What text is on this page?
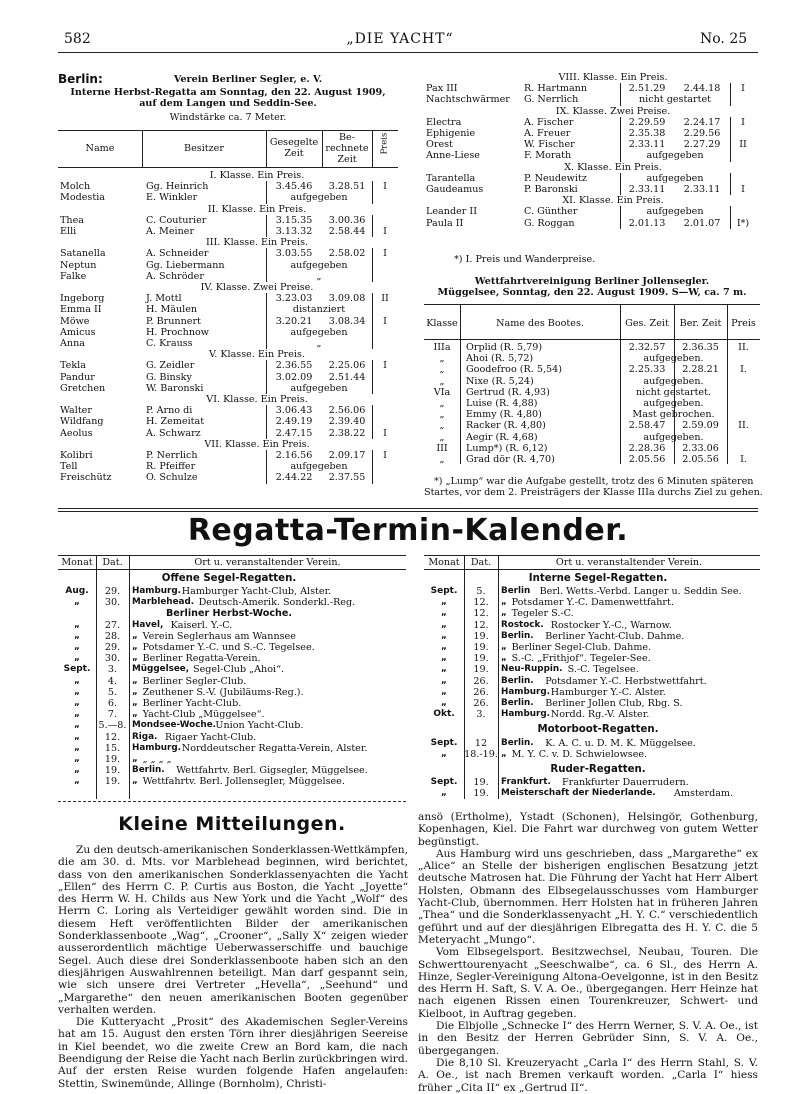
582	„DIE YACHT“	No. 25
Berlin:	Verein Berliner Segler, e. V.
Interne Herbst-Regatta am Sonntag, den 22. August 1909,
auf dem Langen und Seddin-See.
Windstärke ca. 7 Meter.
Name	Besitzer
Gesegelte Zeit
Be-rechnete Zeit
Preis
I. Klasse. Ein Preis.
Molch	Gg. Heinrich	3.45.46	3.28.51	I
Modestia	E. Winkler	aufgegeben
II. Klasse. Ein Preis.
Thea	C. Couturier	3.15.35	3.00.36
Elli	A. Meiner	3.13.32	2.58.44	I
III. Klasse. Ein Preis.
Satanella	A. Schneider	3.03.55	2.58.02	I
Neptun	Gg. Liebermann	aufgegeben
Falke	A. Schröder	„
IV. Klasse. Zwei Preise.
Ingeborg	J. Mottl	3.23.03	3.09.08	II
Emma II	H. Mäulen	distanziert
Möwe	P. Brunnert	3.20.21	3.08.34	I
Amicus	H. Prochnow	aufgegeben
Anna	C. Krauss	„
V. Klasse. Ein Preis.
Tekla	G. Zeidler	2.36.55	2.25.06	I
Pandur	G. Binsky	3.02.09	2.51.44
Gretchen	W. Baronski	aufgegeben
VI. Klasse. Ein Preis.
Walter	P. Arno di	3.06.43	2.56.06
Wildfang	H. Zemeitat	2.49.19	2.39.40
Aeolus	A. Schwarz	2.47.15	2.38.22	I
VII. Klasse. Ein Preis.
Kolibri	P. Nerrlich	2.16.56	2.09.17	I
Tell	R. Pfeiffer	aufgegeben
Freischütz	O. Schulze	2.44.22	2.37.55
VIII. Klasse. Ein Preis.
Pax III	R. Hartmann	2.51.29	2.44.18	I
Nachtschwärmer G. Nerrlich	nicht gestartet
IX. Klasse. Zwei Preise.
Electra	A. Fischer	2.29.59	2.24.17	I
Ephigenie	A. Freuer	2.35.38	2.29.56
Orest	W. Fischer	2.33.11	2.27.29	II
Anne-Liese	F. Morath	aufgegeben
X. Klasse. Ein Preis.
Tarantella	P. Neudewitz	aufgegeben
Gaudeamus	P. Baronski	2.33.11	2.33.11	I
XI. Klasse. Ein Preis.
Leander II	C. Günther	aufgegeben
Paula II	G. Roggan	2.01.13	2.01.07	I*)
*) I. Preis und Wanderpreise.
Wettfahrtvereinigung Berliner Jollensegler.
Müggelsee, Sonntag, den 22. August 1909. S—W, ca. 7 m.
Klasse	Name des Bootes.	Ges. Zeit	Ber. Zeit	Preis
IIIa	Orplid (R. 5,79)	2.32.57	2.36.35	II.
„	Ahoi (R. 5,72)	aufgegeben.
„	Goodefroo (R. 5,54)	2.25.33	2.28.21	I.
„	Nixe (R. 5,24)	aufgegeben.
VIa	Gertrud (R. 4,93)	nicht gestartet.
„	Luise (R. 4,88)	aufgegeben.
„	Emmy (R. 4,80)	Mast gebrochen.
„	Racker (R. 4,80)	2.58.47	2.59.09	II.
„	Aegir (R. 4,68)	aufgegeben.
III	Lump*) (R. 6,12)	2.28.36	2.33.06
„	Grad dör (R. 4,70)	2.05.56	2.05.56	I.
*) „Lump“ war die Aufgabe gestellt, trotz des 6 Minuten späteren
Startes, vor dem 2. Preisträgers der Klasse IIIa durchs Ziel zu gehen.
Regatta-Termin-Kalender.
Monat	Dat.	Ort u. veranstaltender Verein.
Offene Segel-Regatten.
Aug.	29.	Hamburg. Hamburger Yacht-Club, Alster.
„	30.	Marblehead. Deutsch-Amerik. Sonderkl.-Reg.
Berliner Herbst-Woche.
„	27.	Havel, Kaiserl. Y.-C.
„	28.	„ Verein Seglerhaus am Wannsee
„	29.	„ Potsdamer Y.-C. und S.-C. Tegelsee.
„	30.	„ Berliner Regatta-Verein.
Sept.	3.	Müggelsee, Segel-Club „Ahoi“.
„	4.	„ Berliner Segler-Club.
„	5.	„ Zeuthener S.-V. (Jubiläums-Reg.).
„	6.	„ Berliner Yacht-Club.
„	7.	„ Yacht-Club „Müggelsee“.
„	5.—8. Mondsee-Woche. Union Yacht-Club.
„	12.	Riga. Rigaer Yacht-Club.
„	15.	Hamburg. Norddeutscher Regatta-Verein, Alster.
„	19.	„ „ „ „ „
„	19.	Berlin. Wettfahrtv. Berl. Gigsegler, Müggelsee.
„	19.	„ Wettfahrtv. Berl. Jollensegler, Müggelsee.
Monat	Dat.	Ort u. veranstaltender Verein.
Interne Segel-Regatten.
Sept.	5.	Berlin Berl. Wetts.-Verbd. Langer u. Seddin See.
„	12.	„ Potsdamer Y.-C. Damenwettfahrt.
„	12.	„ Tegeler S.-C.
„	12.	Rostock. Rostocker Y.-C., Warnow.
„	19.	Berlin. Berliner Yacht-Club. Dahme.
„	19.	„ Berliner Segel-Club. Dahme.
„	19.	„ S.-C. „Frithjof“. Tegeler-See.
„	19.	Neu-Ruppin. S.-C. Tegelsee.
„	26.	Berlin. Potsdamer Y.-C. Herbstwettfahrt.
„	26.	Hamburg. Hamburger Y.-C. Alster.
„	26.	Berlin. Berliner Jollen Club, Rbg. S.
Okt.	3.	Hamburg. Nordd. Rg.-V. Alster.
Motorboot-Regatten.
Sept.	12	Berlin. K. A. C. u. D. M. K. Müggelsee.
„	18.-19. „ M. Y. C. v. D. Schwielowsee.
Ruder-Regatten.
Sept.	19.	Frankfurt. Frankfurter Dauerrudern.
„	19.	Meisterschaft der Niederlande. Amsterdam.
Kleine Mitteilungen.

Zu den deutsch-amerikanischen Sonderklassen-Wettkämpfen, die am 30. d. Mts. vor Marblehead beginnen, wird berichtet, dass von den amerikanischen Sonderklassenyachten die Yacht „Ellen“ des Herrn C. P. Curtis aus Boston, die Yacht „Joyette“ des Herrn W. H. Childs aus New York und die Yacht „Wolf“ des Herrn C. Loring als Verteidiger gewählt worden sind. Die in diesem Heft veröffentlichten Bilder der amerikanischen Sonderklassenboote „Wag“, „Crooner“, „Sally X“ zeigen wieder ausserordentlich mächtige Ueberwasserschiffe und bauchige Segel. Auch diese drei Sonderklassenboote haben sich an den diesjährigen Auswahlrennen beteiligt. Man darf gespannt sein, wie sich unsere drei Vertreter „Hevella“, „Seehund“ und „Margarethe“ den neuen amerikanischen Booten gegenüber verhalten werden.

Die Kutteryacht „Prosit“ des Akademischen Segler-Vereins hat am 15. August den ersten Törn ihrer diesjährigen Seereise in Kiel beendet, wo die zweite Crew an Bord kam, die nach Beendigung der Reise die Yacht nach Berlin zurückbringen wird. Auf der ersten Reise wurden folgende Hafen angelaufen: Stettin, Swinemünde, Allinge (Bornholm), Christi-

ansö (Ertholme), Ystadt (Schonen), Helsingör, Gothenburg, Kopenhagen, Kiel. Die Fahrt war durchweg von gutem Wetter begünstigt.

Aus Hamburg wird uns geschrieben, dass „Margarethe“ ex „Alice“ an Stelle der bisherigen englischen Besatzung jetzt deutsche Matrosen hat. Die Führung der Yacht hat Herr Albert Holsten, Obmann des Elbsegelausschusses vom Hamburger Yacht-Club, übernommen. Herr Holsten hat in früheren Jahren „Thea“ und die Sonderklassenyacht „H. Y. C.“ verschiedentlich geführt und auf der diesjährigen Elbregatta des H. Y. C. die 5 Meteryacht „Mungo“.

Vom Elbsegelsport. Besitzwechsel, Neubau, Touren. Die Schwerttourenyacht „Seeschwalbe“, ca. 6 Sl., des Herrn A. Hinze, Segler-Vereinigung Altona-Oevelgonne, ist in den Besitz des Herrn H. Saft, S. V. A. Oe., übergegangen. Herr Heinze hat nach eigenen Rissen einen Tourenkreuzer, Schwert- und Kielboot, in Auftrag gegeben.

Die Elbjolle „Schnecke I“ des Herrn Werner, S. V. A. Oe., ist in den Besitz der Herren Gebrüder Sinn, S. V. A. Oe., übergegangen.

Die 8,10 Sl. Kreuzeryacht „Carla I“ des Herrn Stahl, S. V. A. Oe., ist nach Bremen verkauft worden. „Carla I“ hiess früher „Cita II“ ex „Gertrud II“.
